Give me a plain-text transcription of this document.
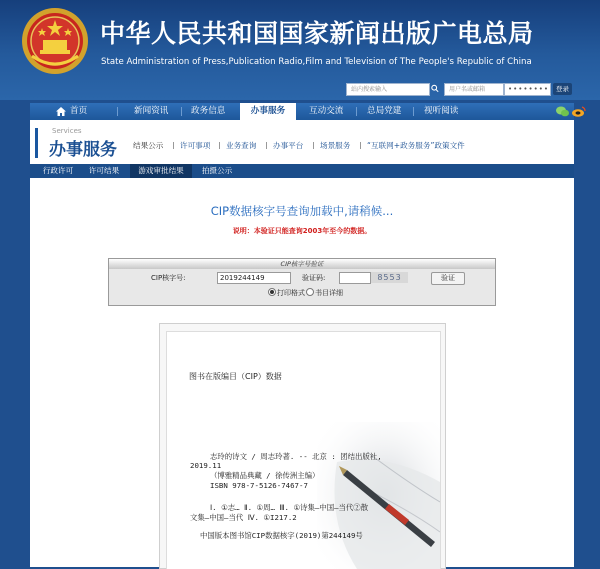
中华人民共和国国家新闻出版广电总局
State Administration of Press,Publication Radio,Film and Television of The People's Republic of China
站内搜索输入	用户名或邮箱	••••••••	登录
首页	新闻资讯	政务信息	办事服务	互动交流	总局党建	视听阅读
Services
办事服务 结果公示 许可事项 业务查询 办事平台 场景服务 “互联网+政务服务”政策文件
行政许可	许可结果	游戏审批结果	拍摄公示
CIP数据核字号查询加载中,请稍候...
说明：本验证只能查询2003年至今的数据。
CIP核字号验证
CIP核字号:	2019244149	验证码:	8553	验证
打印格式 书目详细
图书在版编目（CIP）数据
志玲的诗文 / 周志玲著. -- 北京 : 团结出版社,
2019.11
（博雅精品典藏 / 徐传洲主编）
ISBN 978-7-5126-7467-7
Ⅰ. ①志… Ⅱ. ①周… Ⅲ. ①诗集—中国—当代②散
文集—中国—当代 Ⅳ. ①I217.2
中国版本图书馆CIP数据核字(2019)第244149号
